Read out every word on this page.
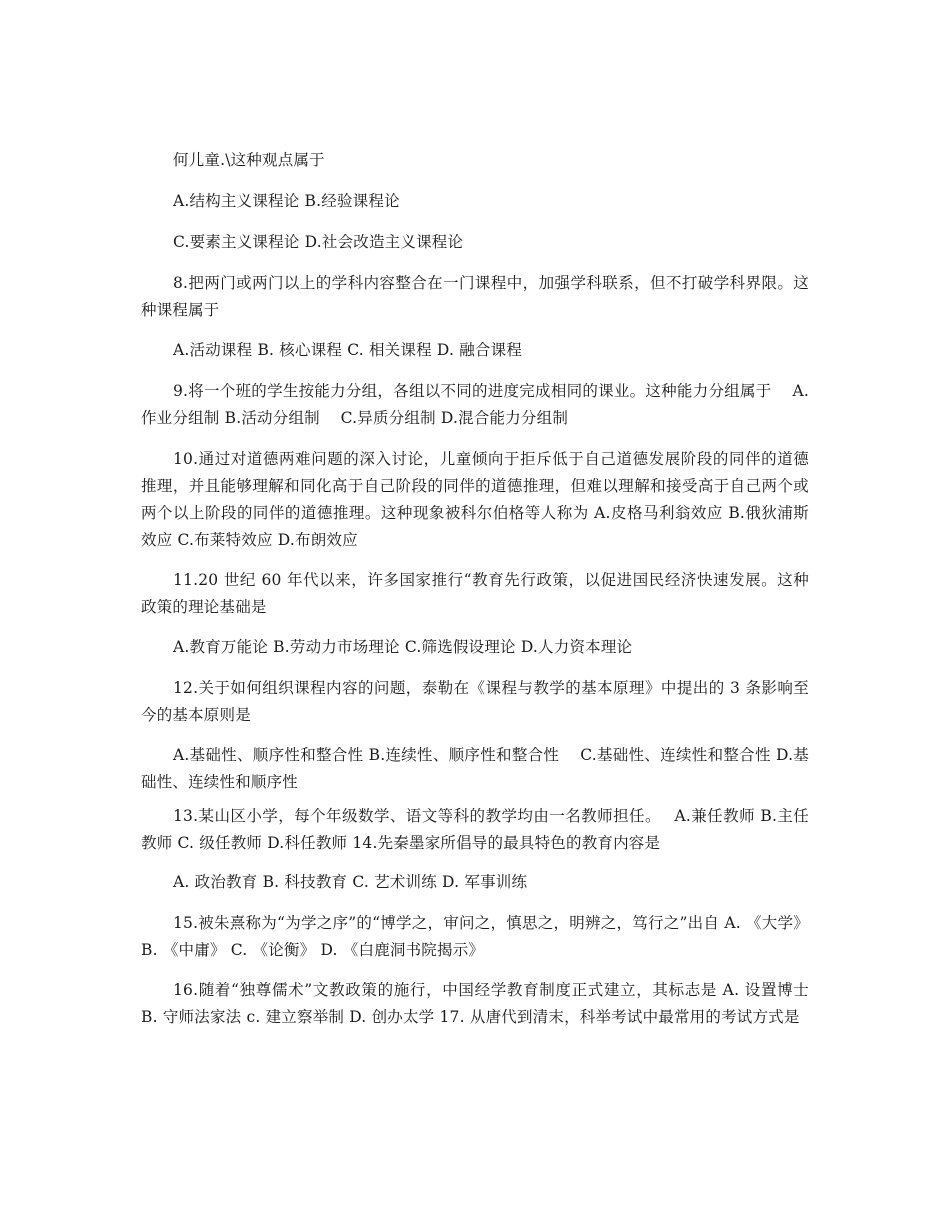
何儿童.\这种观点属于

A.结构主义课程论 B.经验课程论

C.要素主义课程论 D.社会改造主义课程论

8.把两门或两门以上的学科内容整合在一门课程中，加强学科联系，但不打破学科界限。这种课程属于

A.活动课程 B. 核心课程 C. 相关课程 D. 融合课程

9.将一个班的学生按能力分组，各组以不同的进度完成相同的课业。这种能力分组属于　 A.作业分组制 B.活动分组制　 C.异质分组制 D.混合能力分组制

10.通过对道德两难问题的深入讨论，儿童倾向于拒斥低于自己道德发展阶段的同伴的道德推理，并且能够理解和同化高于自己阶段的同伴的道德推理，但难以理解和接受高于自己两个或两个以上阶段的同伴的道德推理。这种现象被科尔伯格等人称为 A.皮格马利翁效应 B.俄狄浦斯效应 C.布莱特效应 D.布朗效应

11.20 世纪 60 年代以来，许多国家推行“教育先行政策，以促进国民经济快速发展。这种政策的理论基础是

A.教育万能论 B.劳动力市场理论 C.筛选假设理论 D.人力资本理论

12.关于如何组织课程内容的问题，泰勒在《课程与教学的基本原理》中提出的 3 条影响至今的基本原则是

A.基础性、顺序性和整合性 B.连续性、顺序性和整合性　 C.基础性、连续性和整合性 D.基础性、连续性和顺序性

13.某山区小学，每个年级数学、语文等科的教学均由一名教师担任。　 A.兼任教师 B.主任教师 C. 级任教师 D.科任教师 14.先秦墨家所倡导的最具特色的教育内容是

A. 政治教育 B. 科技教育 C. 艺术训练 D. 军事训练

15.被朱熹称为“为学之序”的“博学之，审问之，慎思之，明辨之，笃行之”出自 A. 《大学》 B. 《中庸》 C. 《论衡》 D. 《白鹿洞书院揭示》

16.随着“独尊儒术”文教政策的施行，中国经学教育制度正式建立，其标志是 A. 设置博士 B. 守师法家法 c. 建立察举制 D. 创办太学 17. 从唐代到清末，科举考试中最常用的考试方式是
